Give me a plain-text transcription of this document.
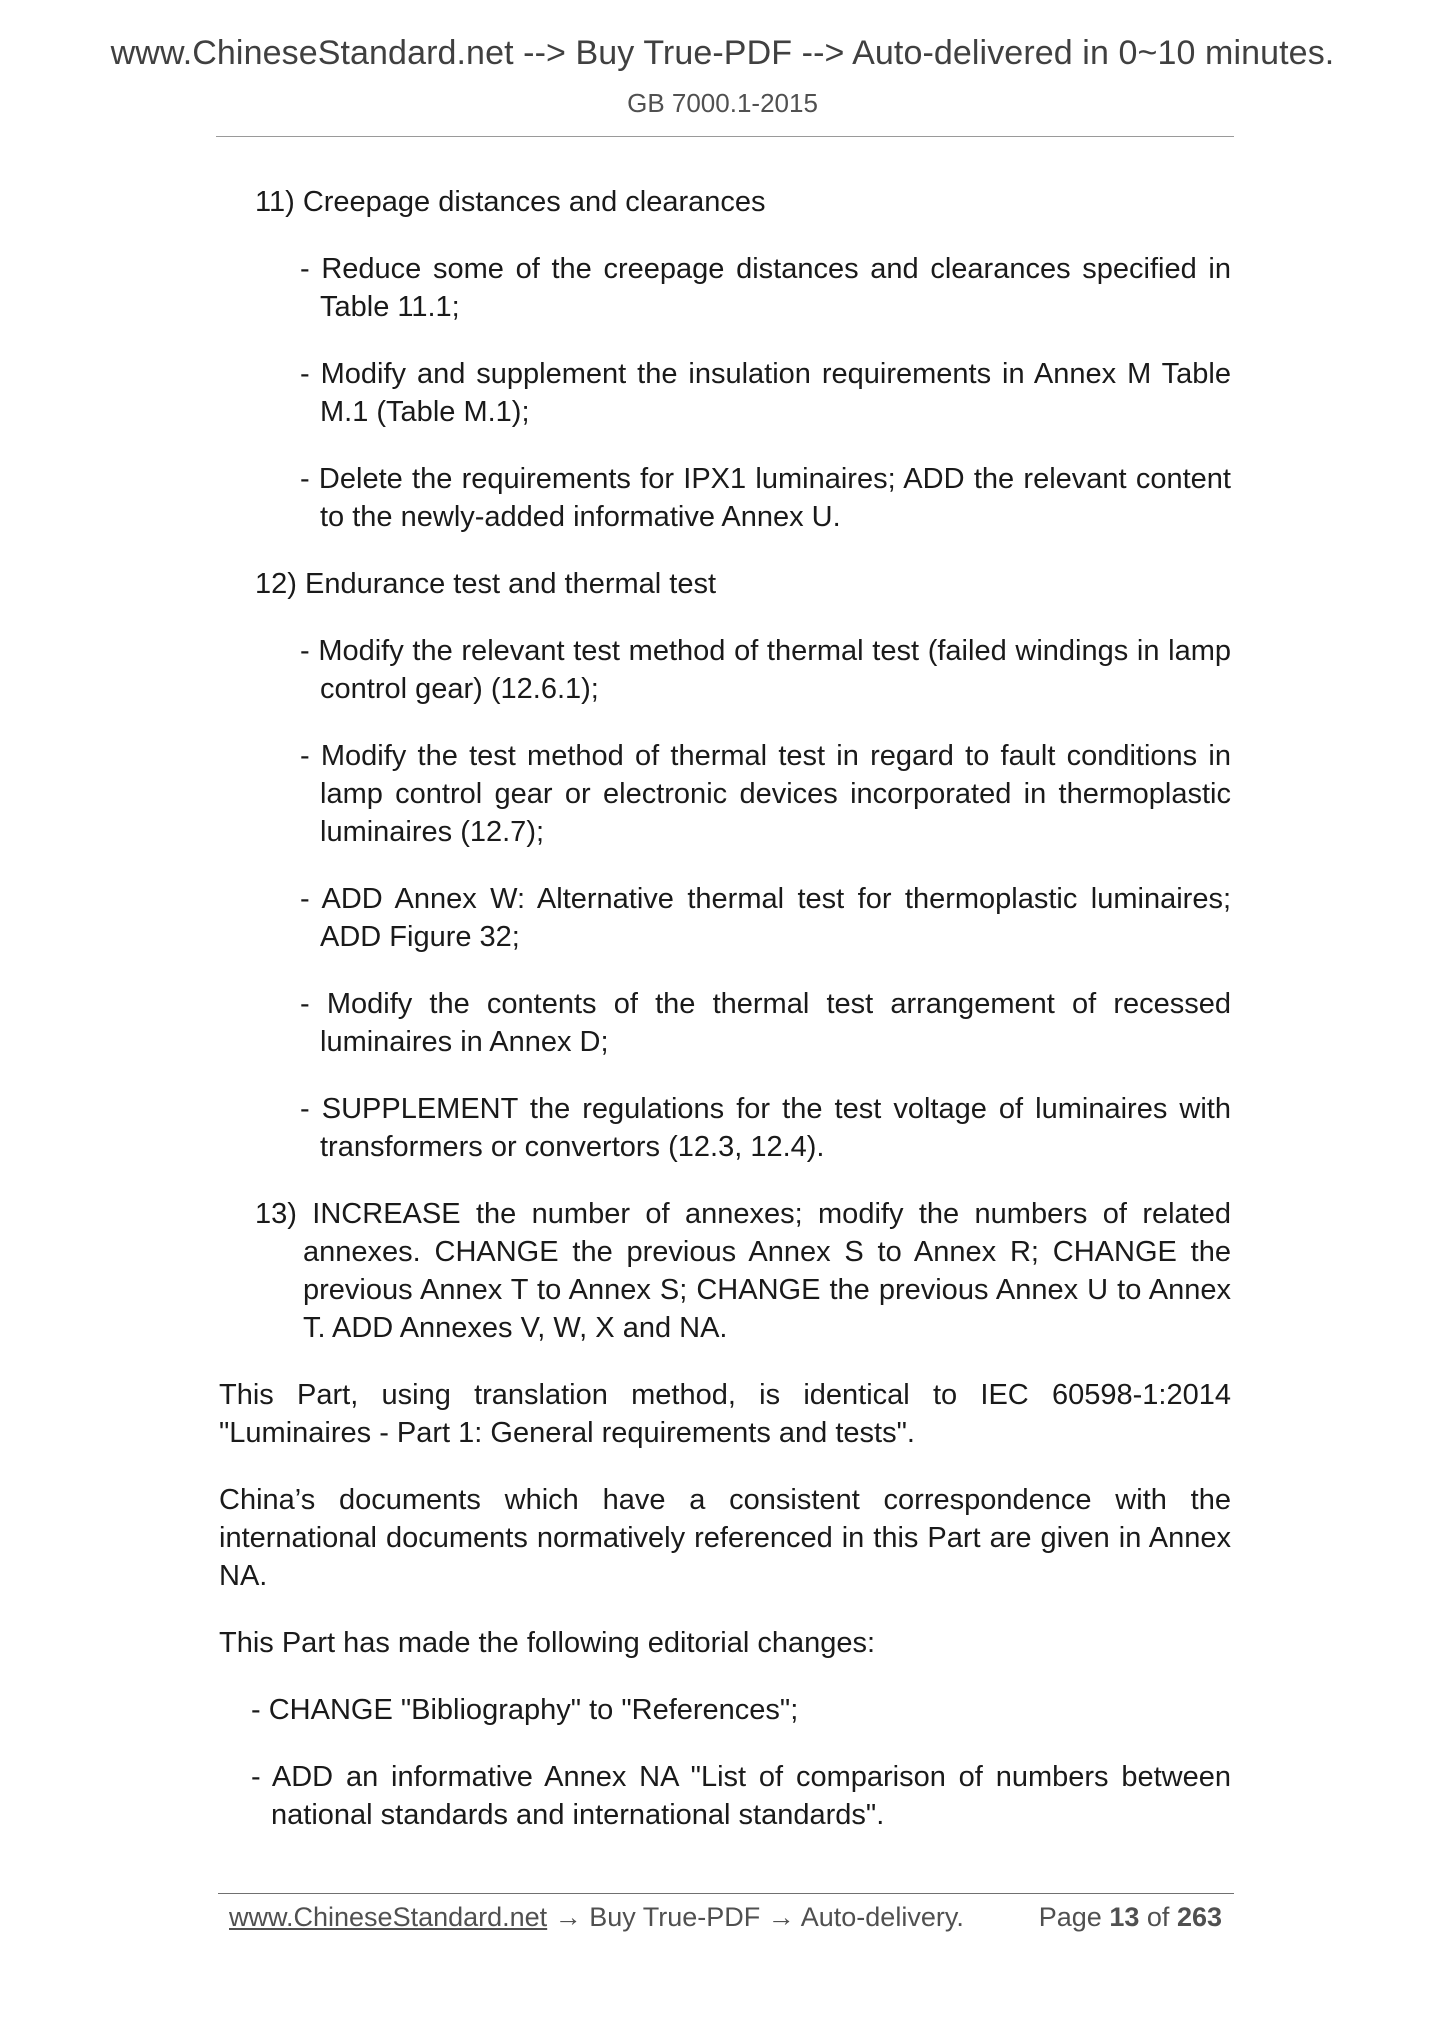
www.ChineseStandard.net --> Buy True-PDF --> Auto-delivered in 0~10 minutes.
GB 7000.1-2015

11) Creepage distances and clearances

- Reduce some of the creepage distances and clearances specified in Table 11.1;

- Modify and supplement the insulation requirements in Annex M Table M.1 (Table M.1);

- Delete the requirements for IPX1 luminaires; ADD the relevant content to the newly-added informative Annex U.

12) Endurance test and thermal test

- Modify the relevant test method of thermal test (failed windings in lamp control gear) (12.6.1);

- Modify the test method of thermal test in regard to fault conditions in lamp control gear or electronic devices incorporated in thermoplastic luminaires (12.7);

- ADD Annex W: Alternative thermal test for thermoplastic luminaires; ADD Figure 32;

- Modify the contents of the thermal test arrangement of recessed luminaires in Annex D;

- SUPPLEMENT the regulations for the test voltage of luminaires with transformers or convertors (12.3, 12.4).

13) INCREASE the number of annexes; modify the numbers of related annexes. CHANGE the previous Annex S to Annex R; CHANGE the previous Annex T to Annex S; CHANGE the previous Annex U to Annex T. ADD Annexes V, W, X and NA.

This Part, using translation method, is identical to IEC 60598-1:2014 "Luminaires - Part 1: General requirements and tests".

China’s documents which have a consistent correspondence with the international documents normatively referenced in this Part are given in Annex NA.

This Part has made the following editorial changes:

- CHANGE "Bibliography" to "References";

- ADD an informative Annex NA "List of comparison of numbers between national standards and international standards".

www.ChineseStandard.net → Buy True-PDF → Auto-delivery.	Page 13 of 263
